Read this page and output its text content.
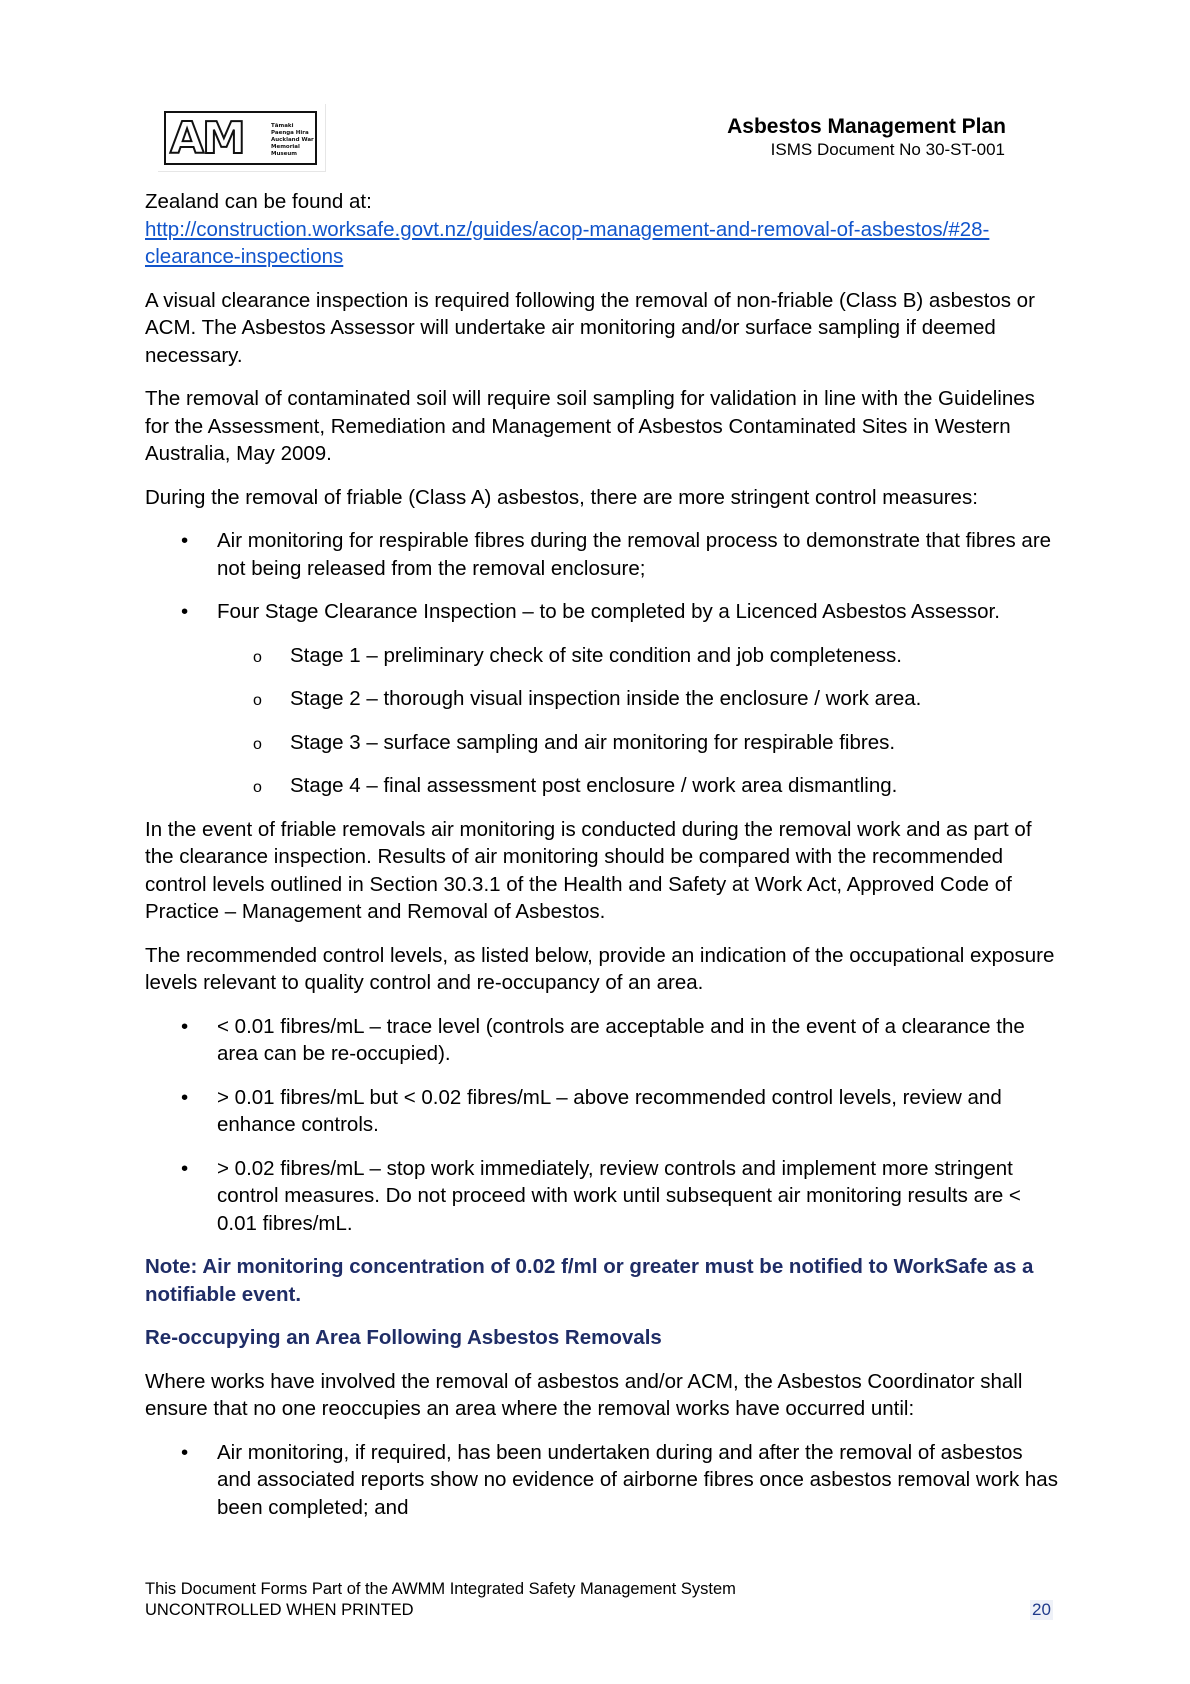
AM	Tāmaki Paenga Hira Auckland War Memorial Museum
Asbestos Management Plan
ISMS Document No 30-ST-001

Zealand can be found at:
http://construction.worksafe.govt.nz/guides/acop-management-and-removal-of-asbestos/#28-clearance-inspections

A visual clearance inspection is required following the removal of non-friable (Class B) asbestos or ACM. The Asbestos Assessor will undertake air monitoring and/or surface sampling if deemed necessary.

The removal of contaminated soil will require soil sampling for validation in line with the Guidelines for the Assessment, Remediation and Management of Asbestos Contaminated Sites in Western Australia, May 2009.

During the removal of friable (Class A) asbestos, there are more stringent control measures:

• Air monitoring for respirable fibres during the removal process to demonstrate that fibres are not being released from the removal enclosure;
• Four Stage Clearance Inspection – to be completed by a Licenced Asbestos Assessor.
o Stage 1 – preliminary check of site condition and job completeness.
o Stage 2 – thorough visual inspection inside the enclosure / work area.
o Stage 3 – surface sampling and air monitoring for respirable fibres.
o Stage 4 – final assessment post enclosure / work area dismantling.

In the event of friable removals air monitoring is conducted during the removal work and as part of the clearance inspection. Results of air monitoring should be compared with the recommended control levels outlined in Section 30.3.1 of the Health and Safety at Work Act, Approved Code of Practice – Management and Removal of Asbestos.

The recommended control levels, as listed below, provide an indication of the occupational exposure levels relevant to quality control and re-occupancy of an area.

• < 0.01 fibres/mL – trace level (controls are acceptable and in the event of a clearance the area can be re-occupied).
• > 0.01 fibres/mL but < 0.02 fibres/mL – above recommended control levels, review and enhance controls.
• > 0.02 fibres/mL – stop work immediately, review controls and implement more stringent control measures. Do not proceed with work until subsequent air monitoring results are < 0.01 fibres/mL.

Note: Air monitoring concentration of 0.02 f/ml or greater must be notified to WorkSafe as a notifiable event.

Re-occupying an Area Following Asbestos Removals

Where works have involved the removal of asbestos and/or ACM, the Asbestos Coordinator shall ensure that no one reoccupies an area where the removal works have occurred until:

• Air monitoring, if required, has been undertaken during and after the removal of asbestos and associated reports show no evidence of airborne fibres once asbestos removal work has been completed; and
This Document Forms Part of the AWMM Integrated Safety Management System
UNCONTROLLED WHEN PRINTED	20
